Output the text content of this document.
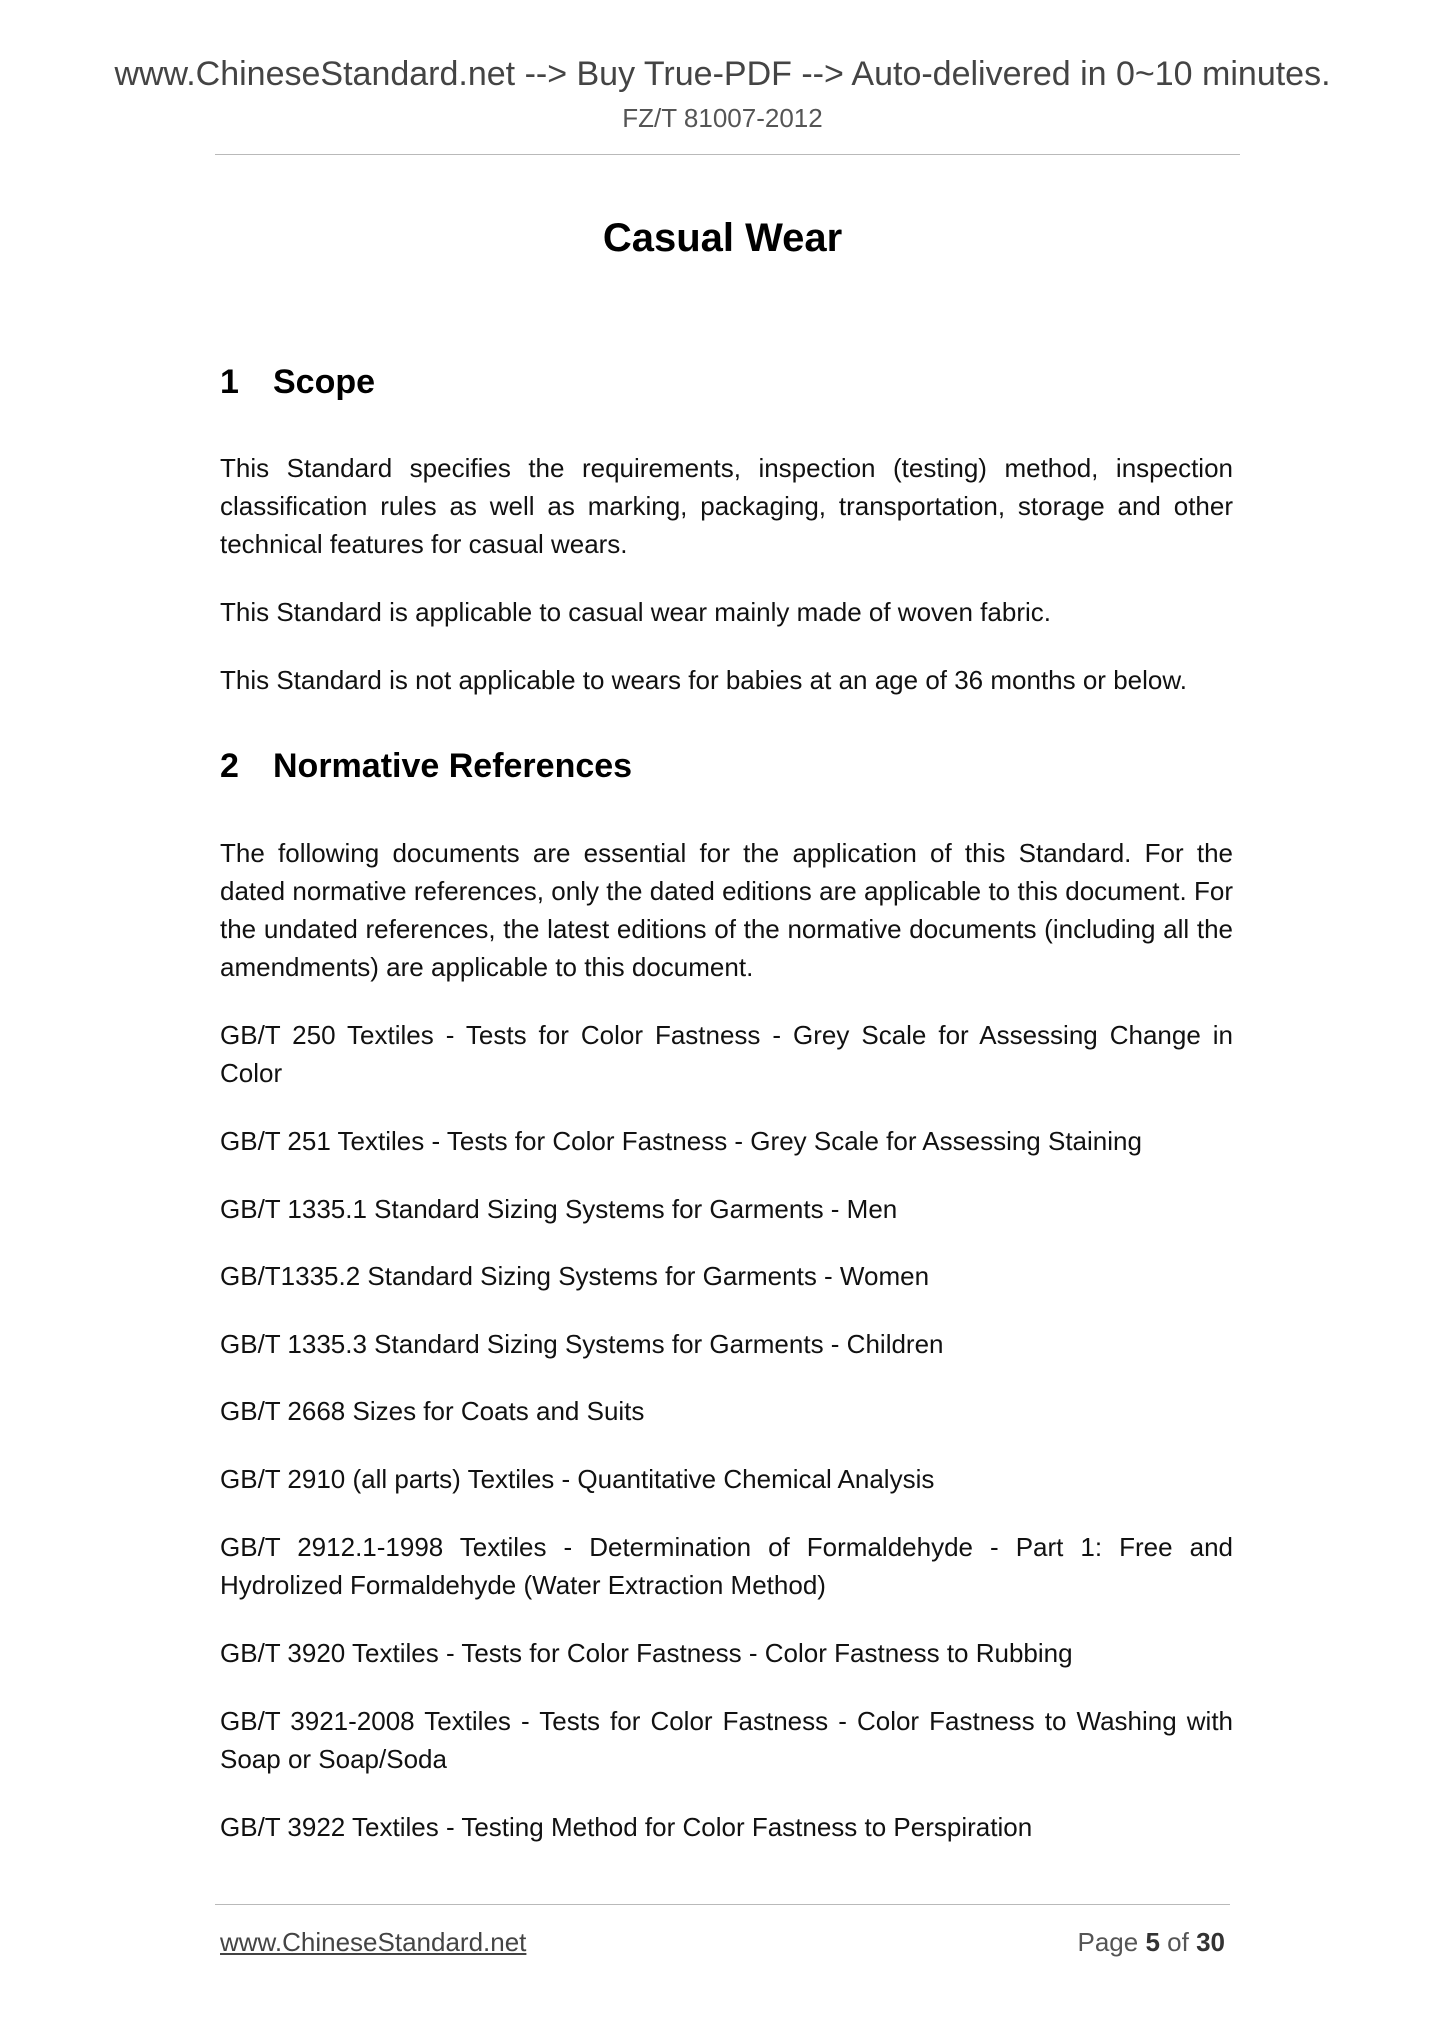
www.ChineseStandard.net --> Buy True-PDF --> Auto-delivered in 0~10 minutes.
FZ/T 81007-2012
Casual Wear
1 Scope
This Standard specifies the requirements, inspection (testing) method, inspection classification rules as well as marking, packaging, transportation, storage and other technical features for casual wears.
This Standard is applicable to casual wear mainly made of woven fabric.
This Standard is not applicable to wears for babies at an age of 36 months or below.
2 Normative References
The following documents are essential for the application of this Standard. For the dated normative references, only the dated editions are applicable to this document. For the undated references, the latest editions of the normative documents (including all the amendments) are applicable to this document.
GB/T 250 Textiles - Tests for Color Fastness - Grey Scale for Assessing Change in Color
GB/T 251 Textiles - Tests for Color Fastness - Grey Scale for Assessing Staining
GB/T 1335.1 Standard Sizing Systems for Garments - Men
GB/T1335.2 Standard Sizing Systems for Garments - Women
GB/T 1335.3 Standard Sizing Systems for Garments - Children
GB/T 2668 Sizes for Coats and Suits
GB/T 2910 (all parts) Textiles - Quantitative Chemical Analysis
GB/T 2912.1-1998 Textiles - Determination of Formaldehyde - Part 1: Free and Hydrolized Formaldehyde (Water Extraction Method)
GB/T 3920 Textiles - Tests for Color Fastness - Color Fastness to Rubbing
GB/T 3921-2008 Textiles - Tests for Color Fastness - Color Fastness to Washing with Soap or Soap/Soda
GB/T 3922 Textiles - Testing Method for Color Fastness to Perspiration
www.ChineseStandard.net	Page 5 of 30
